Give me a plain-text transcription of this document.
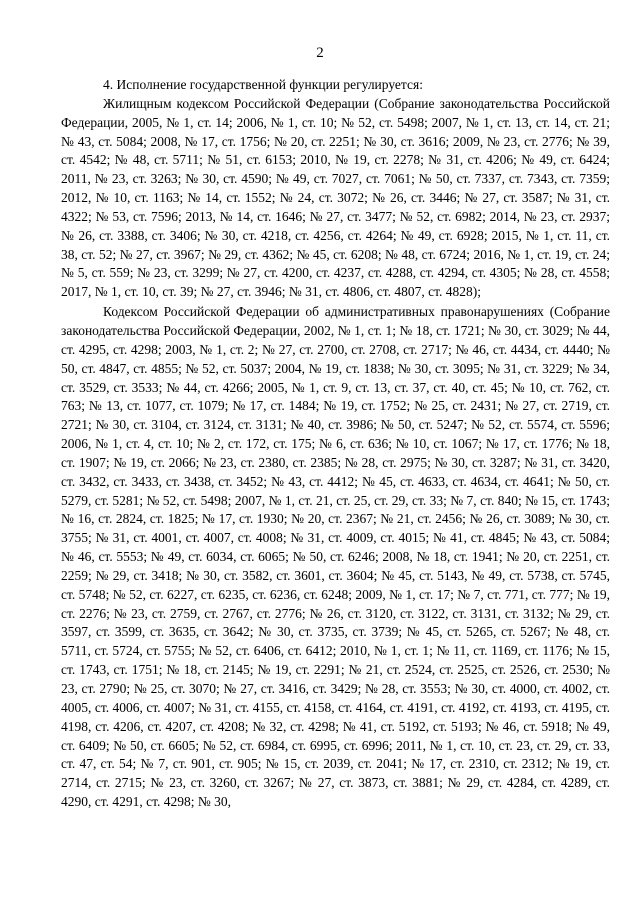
2

4. Исполнение государственной функции регулируется:

Жилищным кодексом Российской Федерации (Собрание законодательства Российской Федерации, 2005, № 1, ст. 14; 2006, № 1, ст. 10; № 52, ст. 5498; 2007, № 1, ст. 13, ст. 14, ст. 21; № 43, ст. 5084; 2008, № 17, ст. 1756; № 20, ст. 2251; № 30, ст. 3616; 2009, № 23, ст. 2776; № 39, ст. 4542; № 48, ст. 5711; № 51, ст. 6153; 2010, № 19, ст. 2278; № 31, ст. 4206; № 49, ст. 6424; 2011, № 23, ст. 3263; № 30, ст. 4590; № 49, ст. 7027, ст. 7061; № 50, ст. 7337, ст. 7343, ст. 7359; 2012, № 10, ст. 1163; № 14, ст. 1552; № 24, ст. 3072; № 26, ст. 3446; № 27, ст. 3587; № 31, ст. 4322; № 53, ст. 7596; 2013, № 14, ст. 1646; № 27, ст. 3477; № 52, ст. 6982; 2014, № 23, ст. 2937; № 26, ст. 3388, ст. 3406; № 30, ст. 4218, ст. 4256, ст. 4264; № 49, ст. 6928; 2015, № 1, ст. 11, ст. 38, ст. 52; № 27, ст. 3967; № 29, ст. 4362; № 45, ст. 6208; № 48, ст. 6724; 2016, № 1, ст. 19, ст. 24; № 5, ст. 559; № 23, ст. 3299; № 27, ст. 4200, ст. 4237, ст. 4288, ст. 4294, ст. 4305; № 28, ст. 4558; 2017, № 1, ст. 10, ст. 39; № 27, ст. 3946; № 31, ст. 4806, ст. 4807, ст. 4828);

Кодексом Российской Федерации об административных правонарушениях (Собрание законодательства Российской Федерации, 2002, № 1, ст. 1; № 18, ст. 1721; № 30, ст. 3029; № 44, ст. 4295, ст. 4298; 2003, № 1, ст. 2; № 27, ст. 2700, ст. 2708, ст. 2717; № 46, ст. 4434, ст. 4440; № 50, ст. 4847, ст. 4855; № 52, ст. 5037; 2004, № 19, ст. 1838; № 30, ст. 3095; № 31, ст. 3229; № 34, ст. 3529, ст. 3533; № 44, ст. 4266; 2005, № 1, ст. 9, ст. 13, ст. 37, ст. 40, ст. 45; № 10, ст. 762, ст. 763; № 13, ст. 1077, ст. 1079; № 17, ст. 1484; № 19, ст. 1752; № 25, ст. 2431; № 27, ст. 2719, ст. 2721; № 30, ст. 3104, ст. 3124, ст. 3131; № 40, ст. 3986; № 50, ст. 5247; № 52, ст. 5574, ст. 5596; 2006, № 1, ст. 4, ст. 10; № 2, ст. 172, ст. 175; № 6, ст. 636; № 10, ст. 1067; № 17, ст. 1776; № 18, ст. 1907; № 19, ст. 2066; № 23, ст. 2380, ст. 2385; № 28, ст. 2975; № 30, ст. 3287; № 31, ст. 3420, ст. 3432, ст. 3433, ст. 3438, ст. 3452; № 43, ст. 4412; № 45, ст. 4633, ст. 4634, ст. 4641; № 50, ст. 5279, ст. 5281; № 52, ст. 5498; 2007, № 1, ст. 21, ст. 25, ст. 29, ст. 33; № 7, ст. 840; № 15, ст. 1743; № 16, ст. 2824, ст. 1825; № 17, ст. 1930; № 20, ст. 2367; № 21, ст. 2456; № 26, ст. 3089; № 30, ст. 3755; № 31, ст. 4001, ст. 4007, ст. 4008; № 31, ст. 4009, ст. 4015; № 41, ст. 4845; № 43, ст. 5084; № 46, ст. 5553; № 49, ст. 6034, ст. 6065; № 50, ст. 6246; 2008, № 18, ст. 1941; № 20, ст. 2251, ст. 2259; № 29, ст. 3418; № 30, ст. 3582, ст. 3601, ст. 3604; № 45, ст. 5143, № 49, ст. 5738, ст. 5745, ст. 5748; № 52, ст. 6227, ст. 6235, ст. 6236, ст. 6248; 2009, № 1, ст. 17; № 7, ст. 771, ст. 777; № 19, ст. 2276; № 23, ст. 2759, ст. 2767, ст. 2776; № 26, ст. 3120, ст. 3122, ст. 3131, ст. 3132; № 29, ст. 3597, ст. 3599, ст. 3635, ст. 3642; № 30, ст. 3735, ст. 3739; № 45, ст. 5265, ст. 5267; № 48, ст. 5711, ст. 5724, ст. 5755; № 52, ст. 6406, ст. 6412; 2010, № 1, ст. 1; № 11, ст. 1169, ст. 1176; № 15, ст. 1743, ст. 1751; № 18, ст. 2145; № 19, ст. 2291; № 21, ст. 2524, ст. 2525, ст. 2526, ст. 2530; № 23, ст. 2790; № 25, ст. 3070; № 27, ст. 3416, ст. 3429; № 28, ст. 3553; № 30, ст. 4000, ст. 4002, ст. 4005, ст. 4006, ст. 4007; № 31, ст. 4155, ст. 4158, ст. 4164, ст. 4191, ст. 4192, ст. 4193, ст. 4195, ст. 4198, ст. 4206, ст. 4207, ст. 4208; № 32, ст. 4298; № 41, ст. 5192, ст. 5193; № 46, ст. 5918; № 49, ст. 6409; № 50, ст. 6605; № 52, ст. 6984, ст. 6995, ст. 6996; 2011, № 1, ст. 10, ст. 23, ст. 29, ст. 33, ст. 47, ст. 54; № 7, ст. 901, ст. 905; № 15, ст. 2039, ст. 2041; № 17, ст. 2310, ст. 2312; № 19, ст. 2714, ст. 2715; № 23, ст. 3260, ст. 3267; № 27, ст. 3873, ст. 3881; № 29, ст. 4284, ст. 4289, ст. 4290, ст. 4291, ст. 4298; № 30,
